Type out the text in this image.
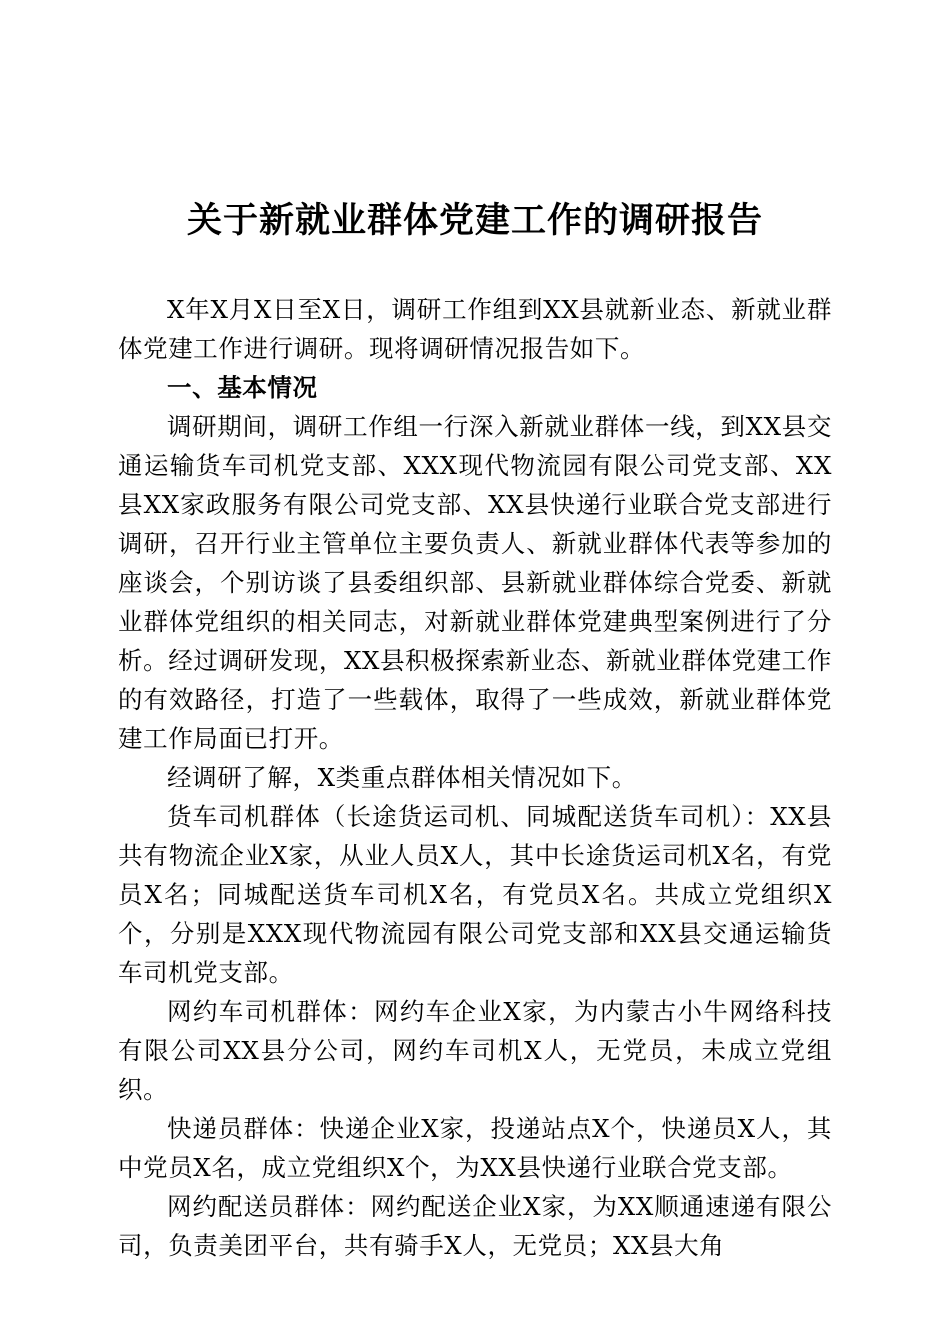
关于新就业群体党建工作的调研报告

X年X月X日至X日，调研工作组到XX县就新业态、新就业群体党建工作进行调研。现将调研情况报告如下。

一、基本情况

调研期间，调研工作组一行深入新就业群体一线，到XX县交通运输货车司机党支部、XXX现代物流园有限公司党支部、XX县XX家政服务有限公司党支部、XX县快递行业联合党支部进行调研，召开行业主管单位主要负责人、新就业群体代表等参加的座谈会，个别访谈了县委组织部、县新就业群体综合党委、新就业群体党组织的相关同志，对新就业群体党建典型案例进行了分析。经过调研发现，XX县积极探索新业态、新就业群体党建工作的有效路径，打造了一些载体，取得了一些成效，新就业群体党建工作局面已打开。

经调研了解，X类重点群体相关情况如下。

货车司机群体（长途货运司机、同城配送货车司机）：XX县共有物流企业X家，从业人员X人，其中长途货运司机X名，有党员X名；同城配送货车司机X名，有党员X名。共成立党组织X个，分别是XXX现代物流园有限公司党支部和XX县交通运输货车司机党支部。

网约车司机群体：网约车企业X家，为内蒙古小牛网络科技有限公司XX县分公司，网约车司机X人，无党员，未成立党组织。

快递员群体：快递企业X家，投递站点X个，快递员X人，其中党员X名，成立党组织X个，为XX县快递行业联合党支部。

网约配送员群体：网约配送企业X家，为XX顺通速递有限公司，负责美团平台，共有骑手X人，无党员；XX县大角
